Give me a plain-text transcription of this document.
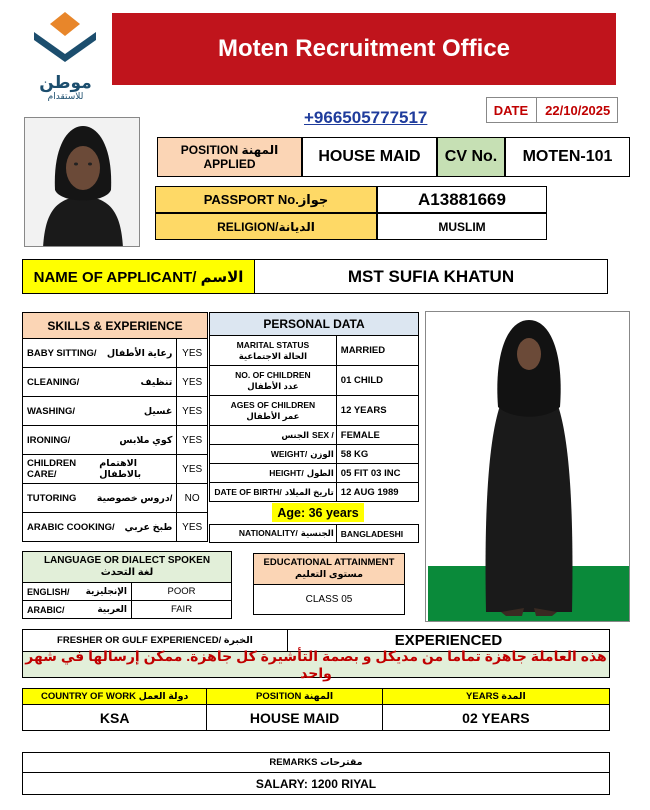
موطن
للاستقدام
Moten Recruitment Office
+966505777517	DATE 22/10/2025
POSITION المهنة
APPLIED	HOUSE MAID	CV No.	MOTEN-101
PASSPORT No.جواز	A13881669
RELIGION/الديانة	MUSLIM
NAME OF APPLICANT/ الاسم	MST SUFIA KHATUN
SKILLS & EXPERIENCE
BABY SITTING/ رعاية الأطفال YES
CLEANING/	تنظيف YES
WASHING/	غسيل YES
IRONING/	كوي ملابس YES
CHILDREN CARE/
الاهتمام بالاطفال	YES
TUTORING دروس خصوصية/	NO
ARABIC COOKING/ طبخ عربي YES
PERSONAL DATA
MARITAL STATUS
الحالة الاجتماعية	MARRIED
NO. OF CHILDREN
عدد الأطفال	01 CHILD
AGES OF CHILDREN
عمر الأطفال	12 YEARS
الجنس SEX / FEMALE
WEIGHT/ الوزن 58 KG
HEIGHT/ الطول 05 FIT 03 INC
DATE OF BIRTH/ تاريخ الميلاد 12 AUG 1989
NATIONALITY/ الجنسية BANGLADESHI
Age: 36 years
LANGUAGE OR DIALECT SPOKEN
لغة التحدث
ENGLISH/ الإنجليزية	POOR
ARABIC/	العربية	FAIR
EDUCATIONAL ATTAINMENT
مستوى التعليم
CLASS 05
FRESHER OR GULF EXPERIENCED/ الخبرة	EXPERIENCED
هذه العاملة جاهزة تماما من مديكل و بصمة التأشيرة كل جاهزة. ممكن إرسالها في شهر واحد
COUNTRY OF WORK دولة العمل	POSITION المهنة	YEARS المدة
KSA	HOUSE MAID	02 YEARS
REMARKS مقترحات
SALARY: 1200 RIYAL
